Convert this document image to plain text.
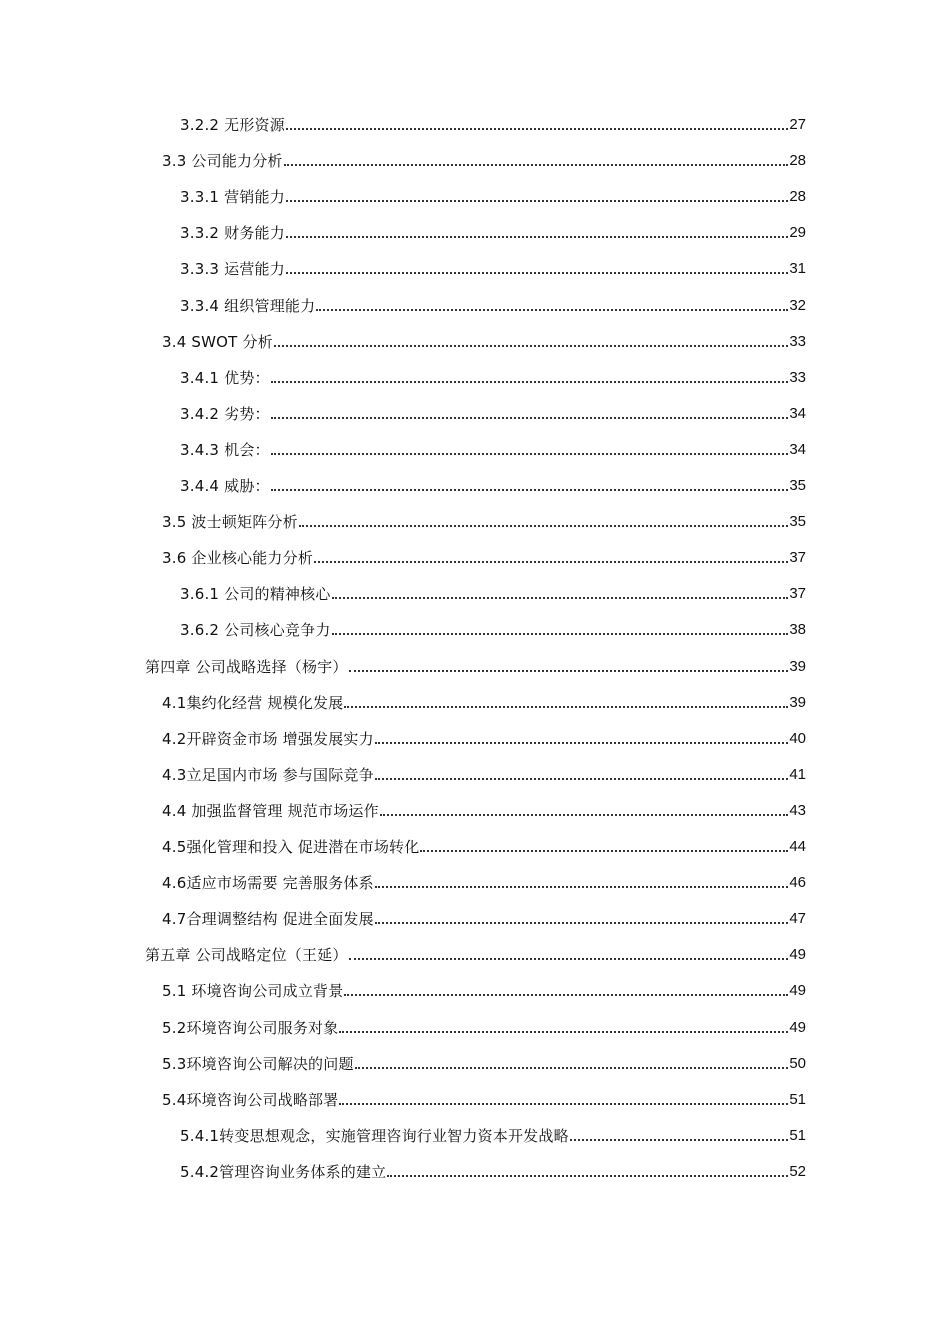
3.2.2 无形资源	27
3.3 公司能力分析	28
3.3.1 营销能力	28
3.3.2 财务能力	29
3.3.3 运营能力	31
3.3.4 组织管理能力	32
3.4 SWOT 分析	33
3.4.1 优势：	33
3.4.2 劣势：	34
3.4.3 机会：	34
3.4.4 威胁：	35
3.5 波士顿矩阵分析	35
3.6 企业核心能力分析	37
3.6.1 公司的精神核心	37
3.6.2 公司核心竞争力	38
第四章 公司战略选择（杨宇）	39
4.1集约化经营 规模化发展	39
4.2开辟资金市场 增强发展实力	40
4.3立足国内市场 参与国际竞争	41
4.4 加强监督管理 规范市场运作	43
4.5强化管理和投入 促进潜在市场转化	44
4.6适应市场需要 完善服务体系	46
4.7合理调整结构 促进全面发展	47
第五章 公司战略定位（王延）	49
5.1 环境咨询公司成立背景	49
5.2环境咨询公司服务对象	49
5.3环境咨询公司解决的问题	50
5.4环境咨询公司战略部署	51
5.4.1转变思想观念，实施管理咨询行业智力资本开发战略	51
5.4.2管理咨询业务体系的建立	52
